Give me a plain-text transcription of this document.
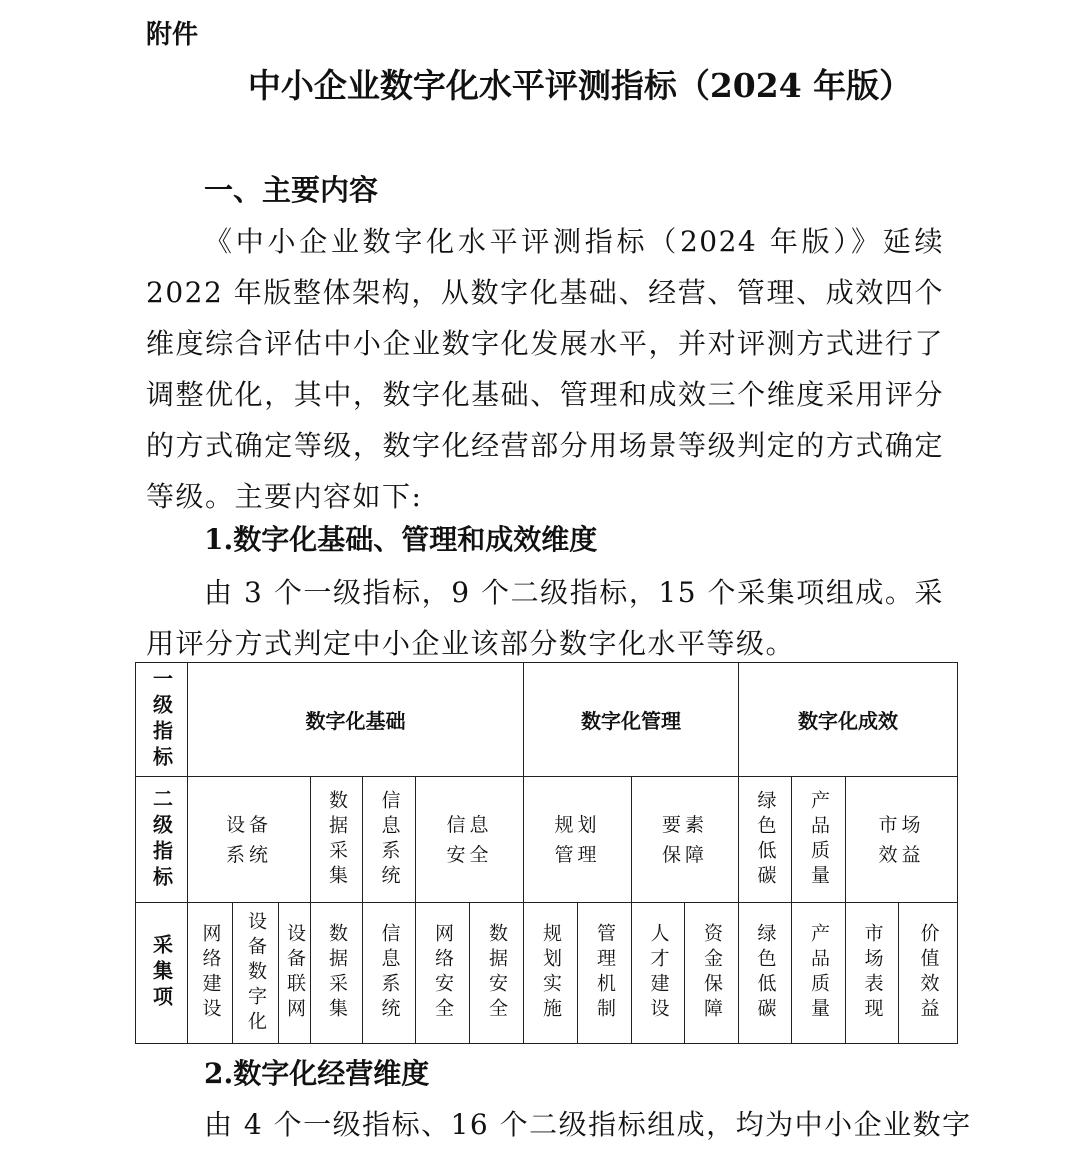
附件
中小企业数字化水平评测指标（2024 年版）
一、主要内容
《中小企业数字化水平评测指标（2024 年版）》延续 2022 年版整体架构，从数字化基础、经营、管理、成效四个维度综合评估中小企业数字化发展水平，并对评测方式进行了调整优化，其中，数字化基础、管理和成效三个维度采用评分的方式确定等级，数字化经营部分用场景等级判定的方式确定等级。主要内容如下:
1.数字化基础、管理和成效维度
由 3 个一级指标，9 个二级指标，15 个采集项组成。采用评分方式判定中小企业该部分数字化水平等级。
一级指标	数字化基础							数字化管理				数字化成效			

二级指标	设备系统			数据采集	信息系统	信息安全		规划管理		要素保障		绿色低碳	产品质量	市场效益	

采集项	网络建设	设备数字化	设备联网	数据采集	信息系统	网络安全	数据安全	规划实施	管理机制	人才建设	资金保障	绿色低碳	产品质量	市场表现	价值效益
2.数字化经营维度
由 4 个一级指标、16 个二级指标组成，均为中小企业数字
